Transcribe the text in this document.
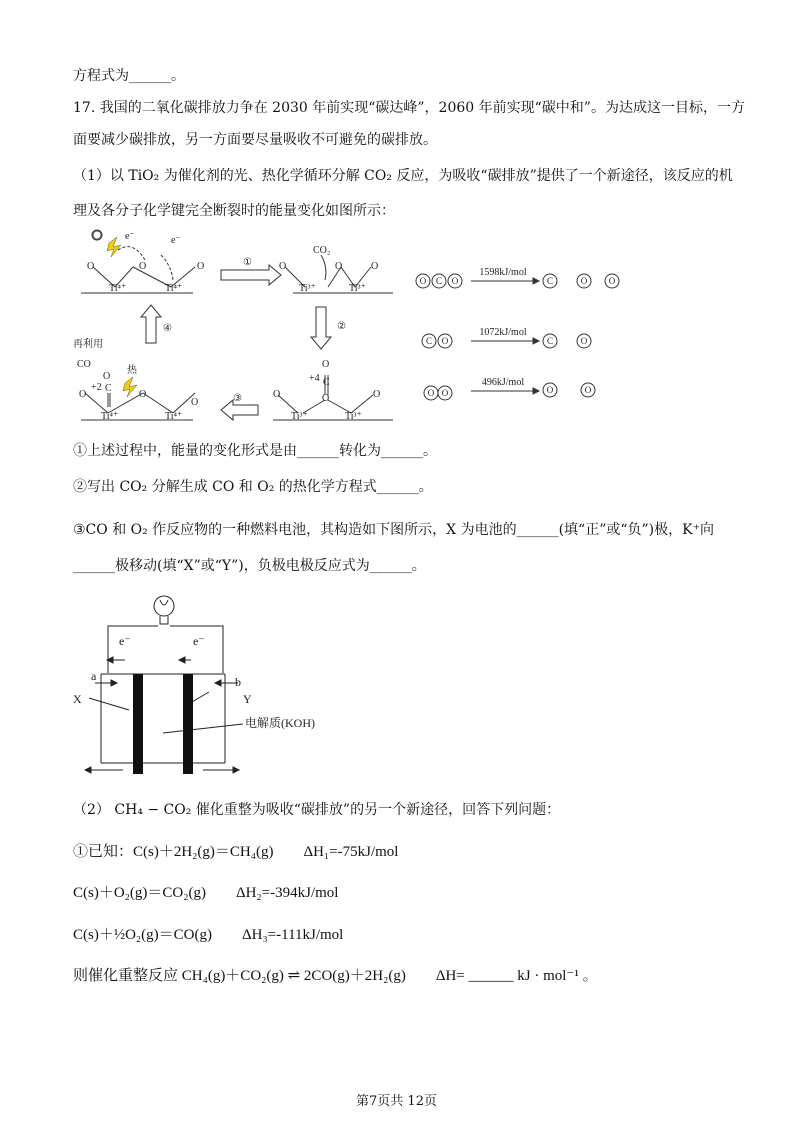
方程式为______。
17. 我国的二氧化碳排放力争在 2030 年前实现“碳达峰”，2060 年前实现“碳中和”。为达成这一目标，一方
面要减少碳排放，另一方面要尽量吸收不可避免的碳排放。
（1）以 TiO₂ 为催化剂的光、热化学循环分解 CO₂ 反应，为吸收“碳排放”提供了一个新途径，该反应的机
理及各分子化学键完全断裂时的能量变化如图所示：
e⁻	e⁻
O	O	O
Ti⁴⁺	Ti⁴⁺
①
CO₂
O	O	O
Ti³⁺	Ti³⁺
②
④
再利用
CO
O
热
+2 C
O	O
O
Ti⁴⁺	Ti⁴⁺
③
O
+4 C
O
O	O
Ti³⁺	Ti³⁺
O C O	C	O O
C O	C	O
O O	O	O
1598kJ/mol
1072kJ/mol
496kJ/mol
①上述过程中，能量的变化形式是由______转化为______。
②写出 CO₂ 分解生成 CO 和 O₂ 的热化学方程式______。
③CO 和 O₂ 作反应物的一种燃料电池，其构造如下图所示，X 为电池的______(填“正”或“负”)极，K⁺向
______极移动(填“X”或“Y”)，负极电极反应式为______。
e⁻	e⁻
a	b
X	Y
电解质(KOH)
（2） CH₄ − CO₂ 催化重整为吸收“碳排放”的另一个新途径，回答下列问题：
①已知：C(s)＋2H₂(g)＝CH₄(g)　　ΔH₁=-75kJ/mol
C(s)＋O₂(g)＝CO₂(g)　　ΔH₂=-394kJ/mol
C(s)＋½O₂(g)＝CO(g)　　ΔH₃=-111kJ/mol
则催化重整反应 CH₄(g)＋CO₂(g) ⇌ 2CO(g)＋2H₂(g)　　ΔH= ______ kJ · mol⁻¹ 。
第7页共 12页
